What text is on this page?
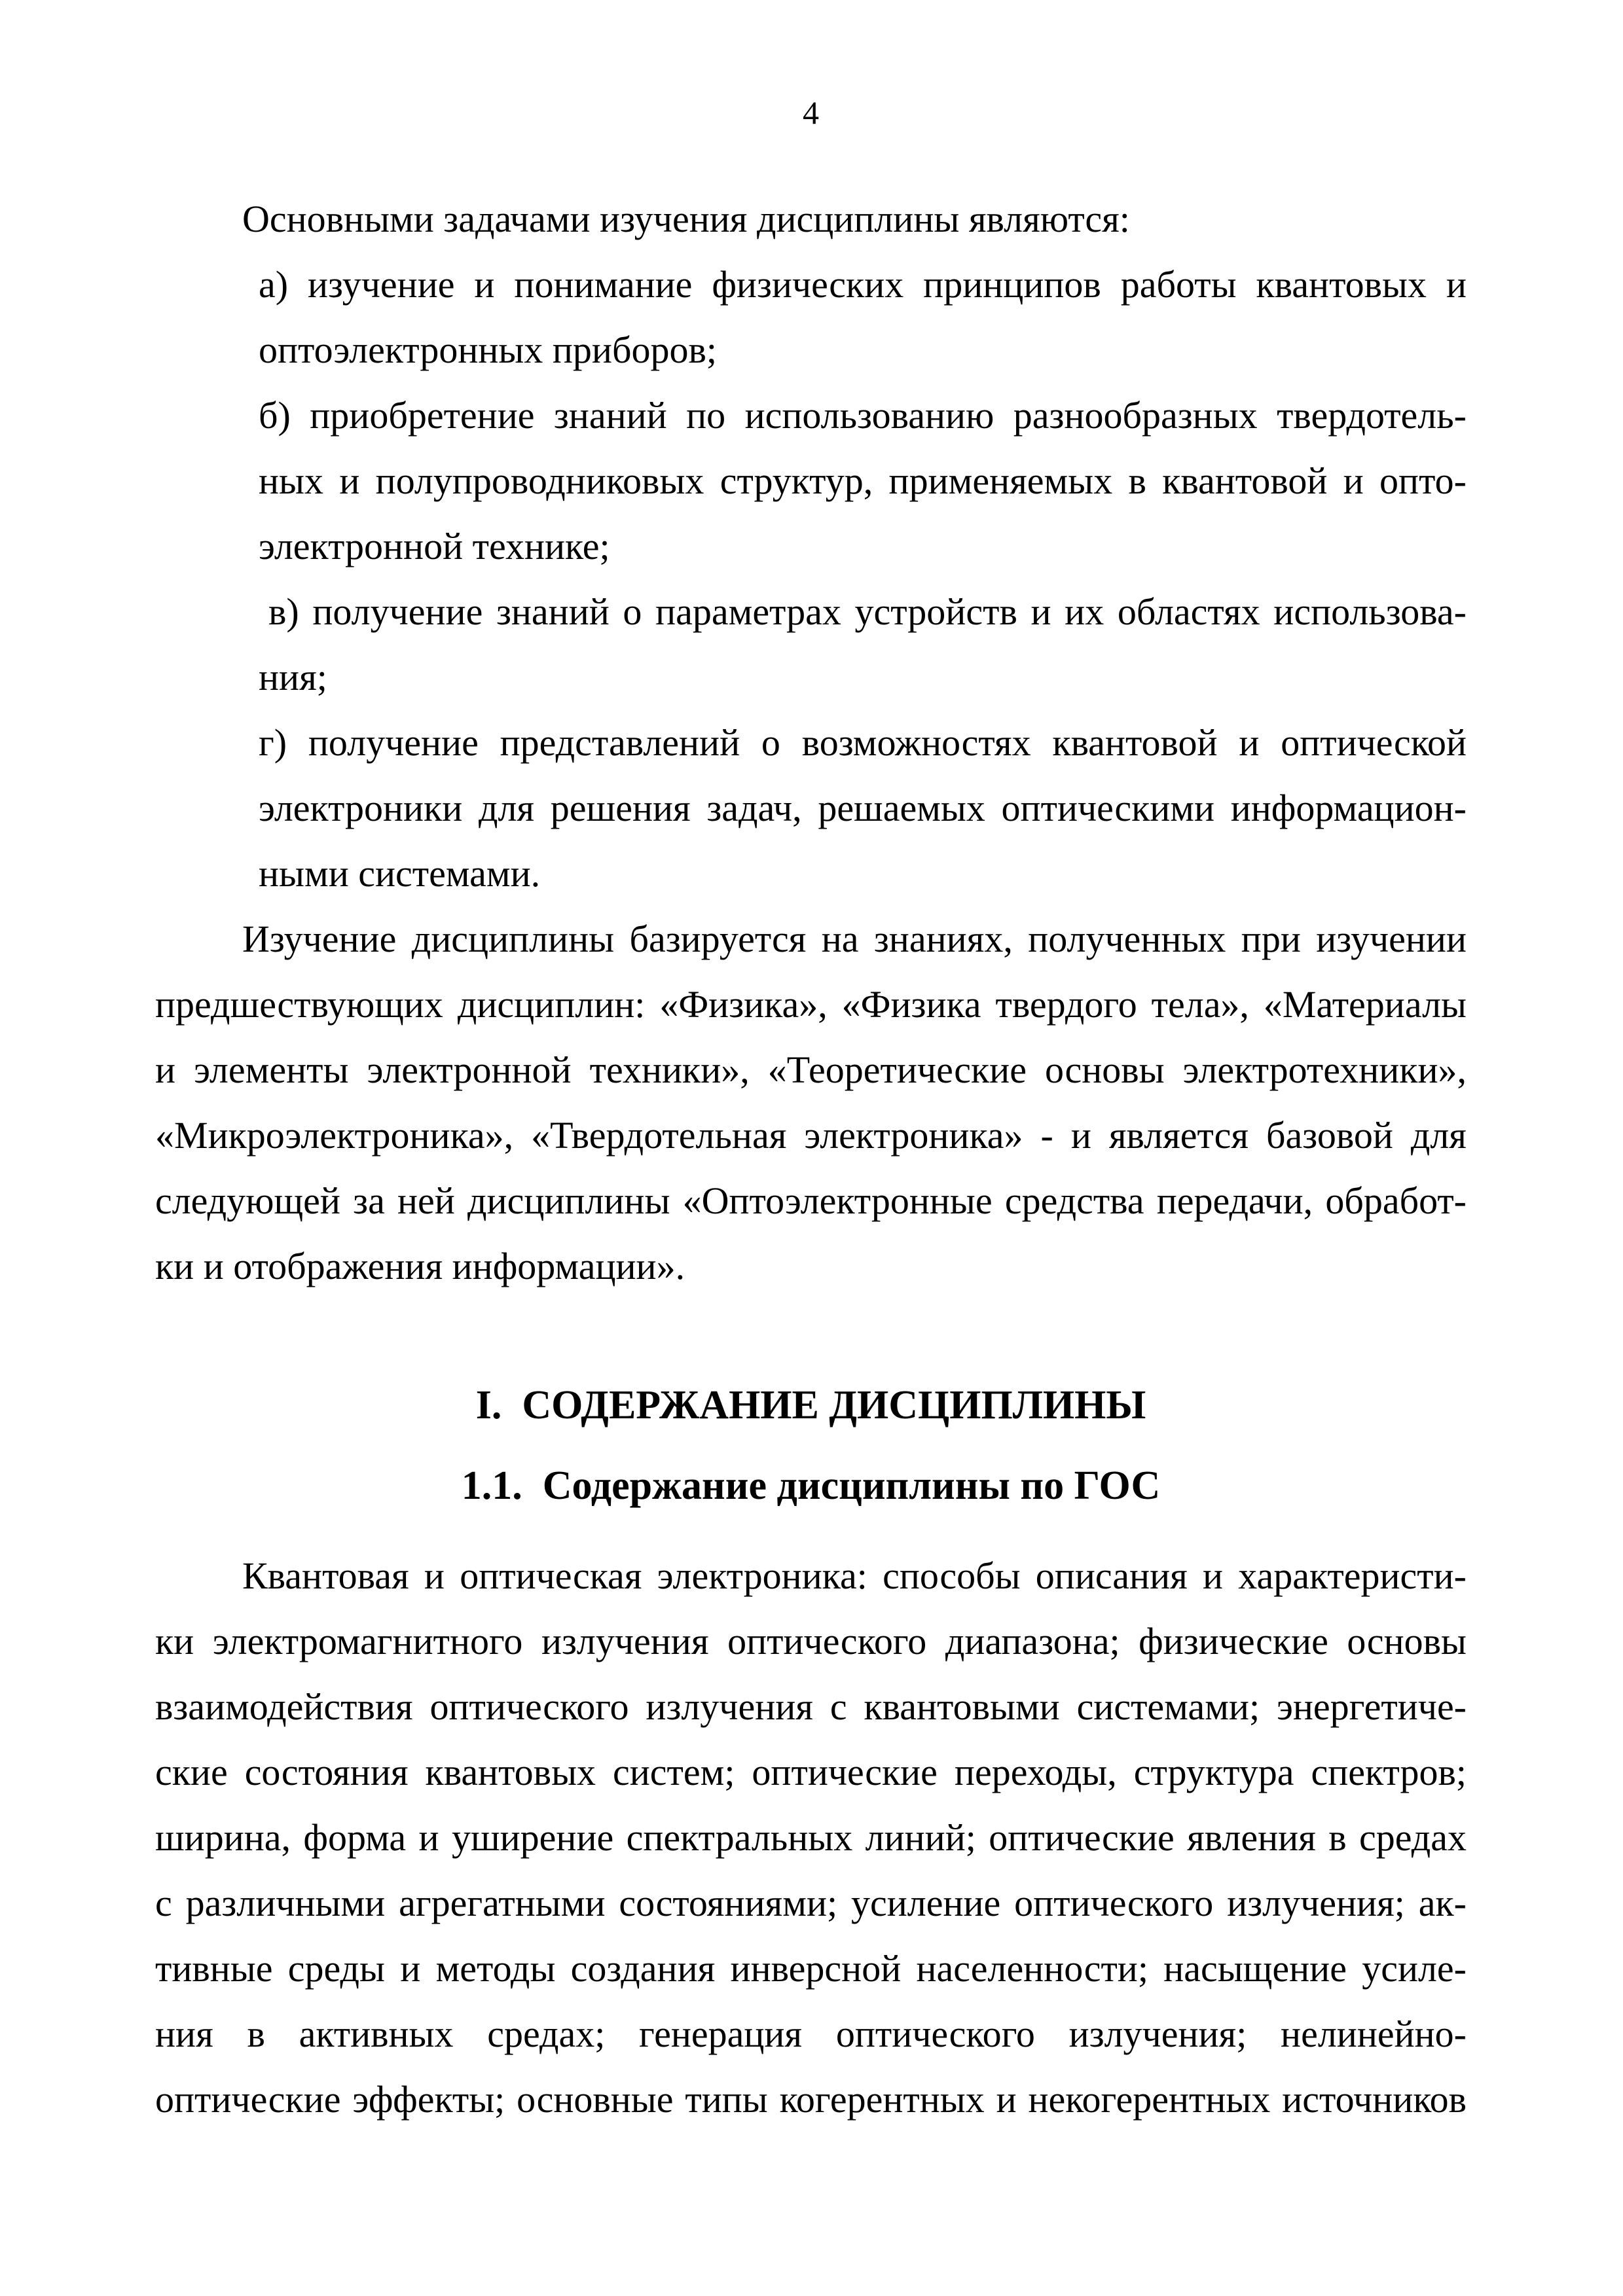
4
Основными задачами изучения дисциплины являются:
а) изучение и понимание физических принципов работы квантовых и
оптоэлектронных приборов;
б) приобретение знаний по использованию разнообразных твердотель-
ных и полупроводниковых структур, применяемых в квантовой и опто-
электронной технике;
в) получение знаний о параметрах устройств и их областях использова-
ния;
г) получение представлений о возможностях квантовой и оптической
электроники для решения задач, решаемых оптическими информацион-
ными системами.
Изучение дисциплины базируется на знаниях, полученных при изучении
предшествующих дисциплин: «Физика», «Физика твердого тела», «Материалы
и элементы электронной техники», «Теоретические основы электротехники»,
«Микроэлектроника», «Твердотельная электроника» - и является базовой для
следующей за ней дисциплины «Оптоэлектронные средства передачи, обработ-
ки и отображения информации».
I.  СОДЕРЖАНИЕ ДИСЦИПЛИНЫ
1.1.  Содержание дисциплины по ГОС
Квантовая и оптическая электроника: способы описания и характеристи-
ки электромагнитного излучения оптического диапазона; физические основы
взаимодействия оптического излучения с квантовыми системами; энергетиче-
ские состояния квантовых систем; оптические переходы, структура спектров;
ширина, форма и уширение спектральных линий; оптические явления в средах
с различными агрегатными состояниями; усиление оптического излучения; ак-
тивные среды и методы создания инверсной населенности; насыщение усиле-
ния в активных средах; генерация оптического излучения; нелинейно-
оптические эффекты; основные типы когерентных и некогерентных источников
